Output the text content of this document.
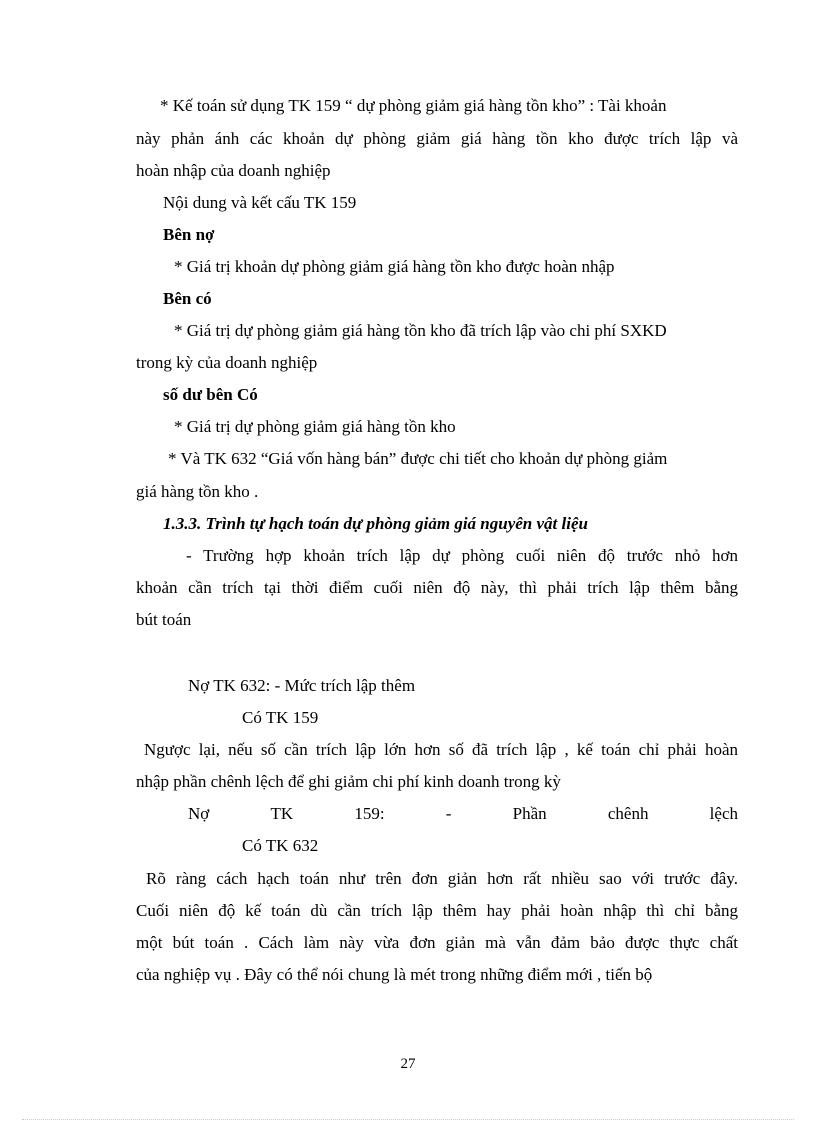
* Kế toán sử dụng TK 159 “ dự phòng giảm giá hàng tồn kho” : Tài khoản
này phản ánh các khoản dự phòng giảm giá hàng tồn kho được trích lập và
hoàn nhập của doanh nghiệp
Nội dung và kết cấu TK 159
Bên nợ
* Giá trị khoản dự phòng giảm giá hàng tồn kho được hoàn nhập
Bên có
* Giá trị dự phòng giảm giá hàng tồn kho đã trích lập vào chi phí SXKD
trong kỳ của doanh nghiệp
số dư bên Có
* Giá trị dự phòng giảm giá hàng tồn kho
* Và TK 632 “Giá vốn hàng bán” được chi tiết cho khoản dự phòng giảm
giá hàng tồn kho .
1.3.3. Trình tự hạch toán dự phòng giảm giá nguyên vật liệu
- Trường hợp khoản trích lập dự phòng cuối niên độ trước nhỏ hơn
khoản cần trích tại thời điểm cuối niên độ này, thì phải trích lập thêm bằng
bút toán
Nợ TK 632: - Mức trích lập thêm
Có TK 159
Ngược lại, nếu số cần trích lập lớn hơn số đã trích lập , kế toán chỉ phải hoàn
nhập phần chênh lệch để ghi giảm chi phí kinh doanh trong kỳ
Nợ	TK	159:	-	Phần	chênh	lệch
Có TK 632
Rõ ràng cách hạch toán như trên đơn giản hơn rất nhiều sao với trước đây.
Cuối niên độ kế toán dù cần trích lập thêm hay phải hoàn nhập thì chỉ bằng
một bút toán . Cách làm này vừa đơn giản mà vẫn đảm bảo được thực chất
của nghiệp vụ . Đây có thể nói chung là mét trong những điểm mới , tiến bộ
27
